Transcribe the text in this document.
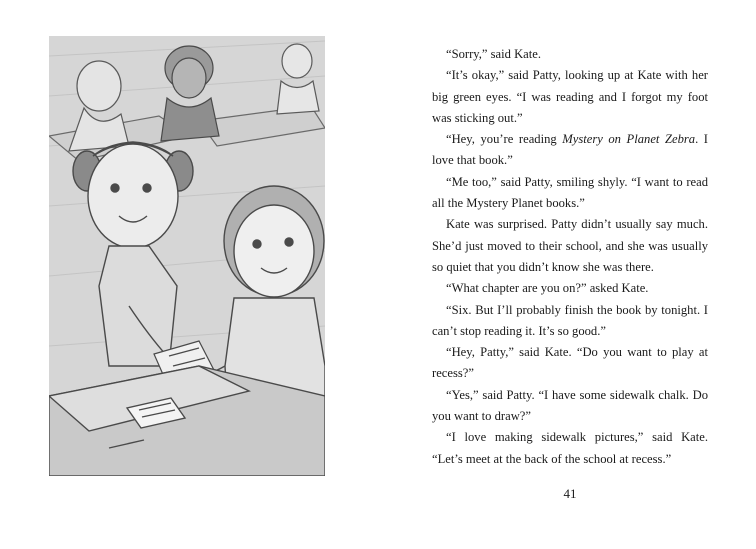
“Sorry,” said Kate.

“It’s okay,” said Patty, looking up at Kate with her big green eyes. “I was reading and I forgot my foot was sticking out.”

“Hey, you’re reading Mystery on Planet Zebra. I love that book.”

“Me too,” said Patty, smiling shyly. “I want to read all the Mystery Planet books.”

Kate was surprised. Patty didn’t usually say much. She’d just moved to their school, and she was usually so quiet that you didn’t know she was there.

“What chapter are you on?” asked Kate.

“Six. But I’ll probably finish the book by tonight. I can’t stop reading it. It’s so good.”

“Hey, Patty,” said Kate. “Do you want to play at recess?”

“Yes,” said Patty. “I have some sidewalk chalk. Do you want to draw?”

“I love making sidewalk pictures,” said Kate. “Let’s meet at the back of the school at recess.”

41
